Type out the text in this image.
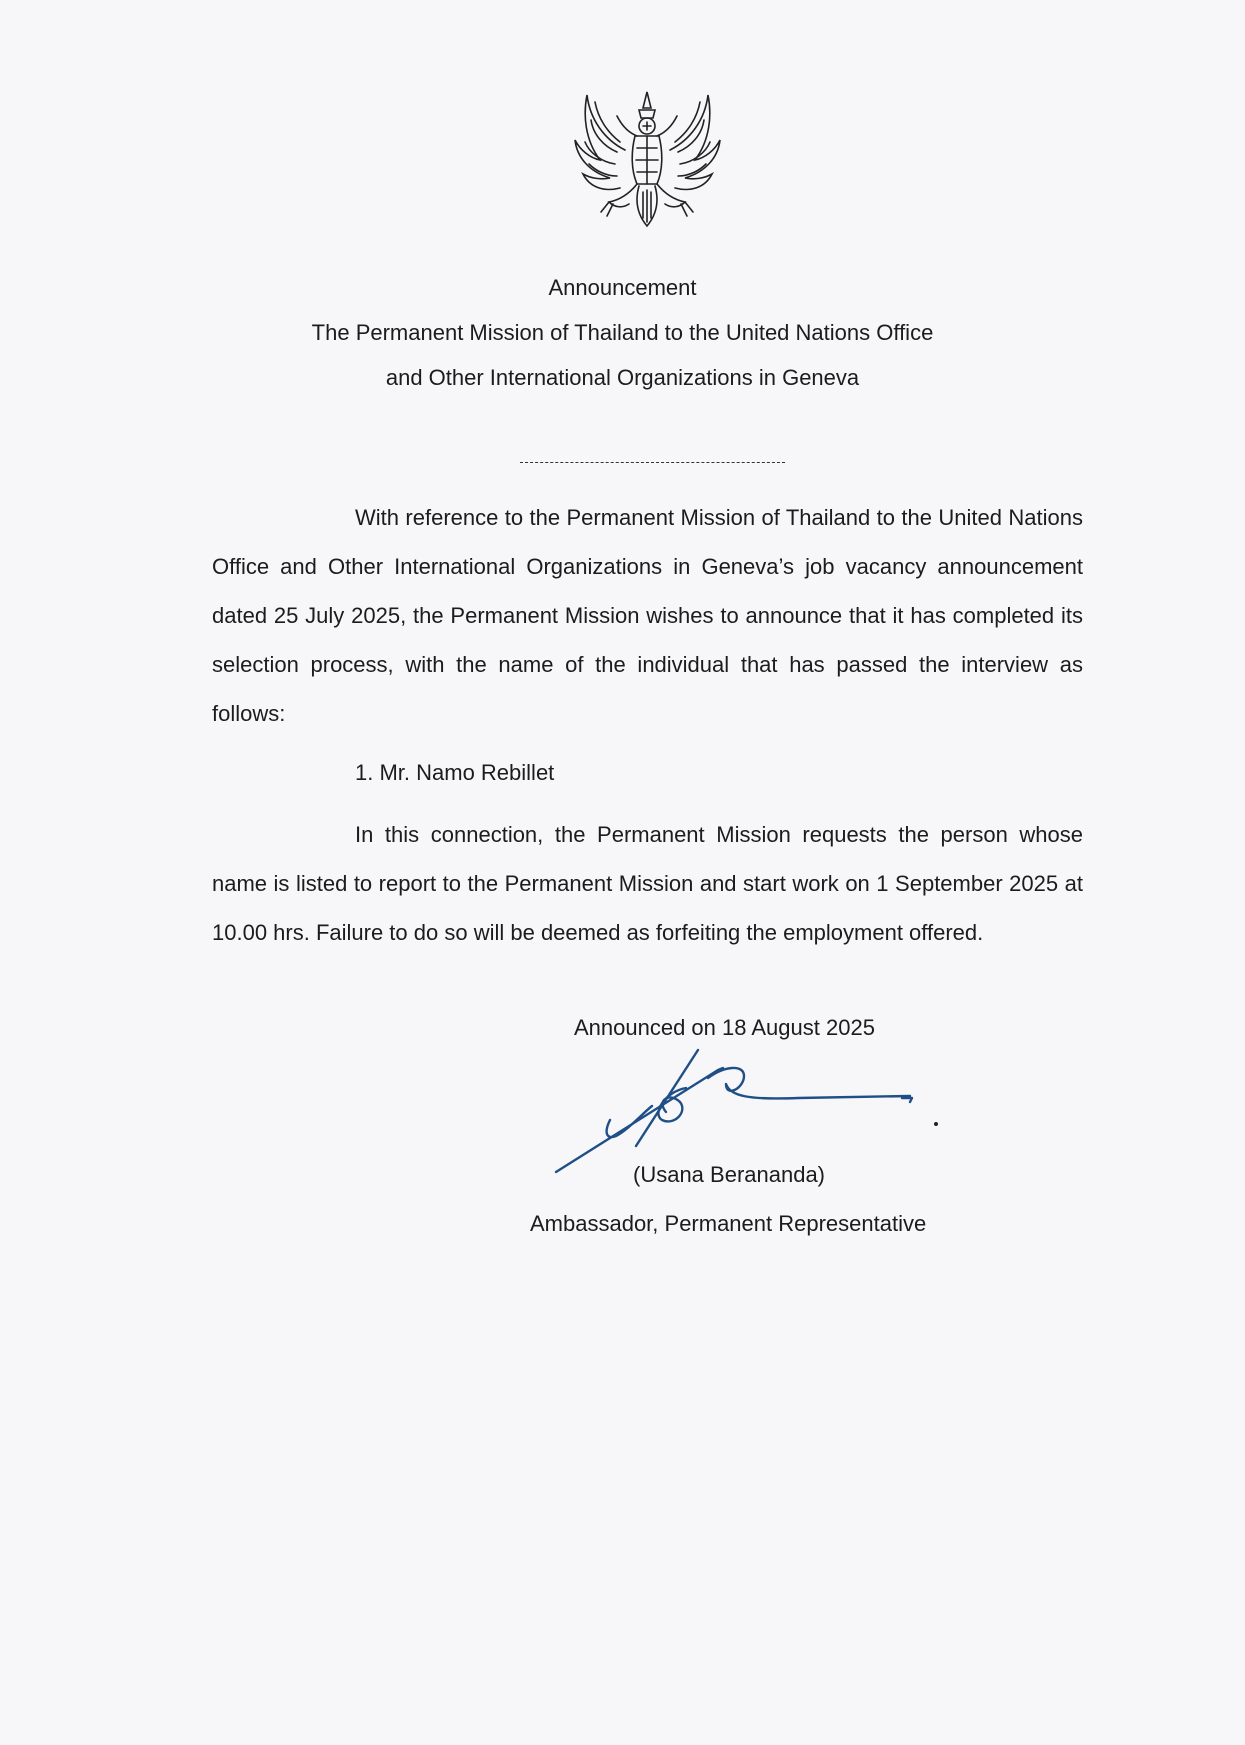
Announcement
The Permanent Mission of Thailand to the United Nations Office
and Other International Organizations in Geneva
With reference to the Permanent Mission of Thailand to the United Nations Office and Other International Organizations in Geneva’s job vacancy announcement dated 25 July 2025, the Permanent Mission wishes to announce that it has completed its selection process, with the name of the individual that has passed the interview as follows:
1. Mr. Namo Rebillet
In this connection, the Permanent Mission requests the person whose name is listed to report to the Permanent Mission and start work on 1 September 2025 at 10.00 hrs. Failure to do so will be deemed as forfeiting the employment offered.
Announced on 18 August 2025
(Usana Berananda)
Ambassador, Permanent Representative
